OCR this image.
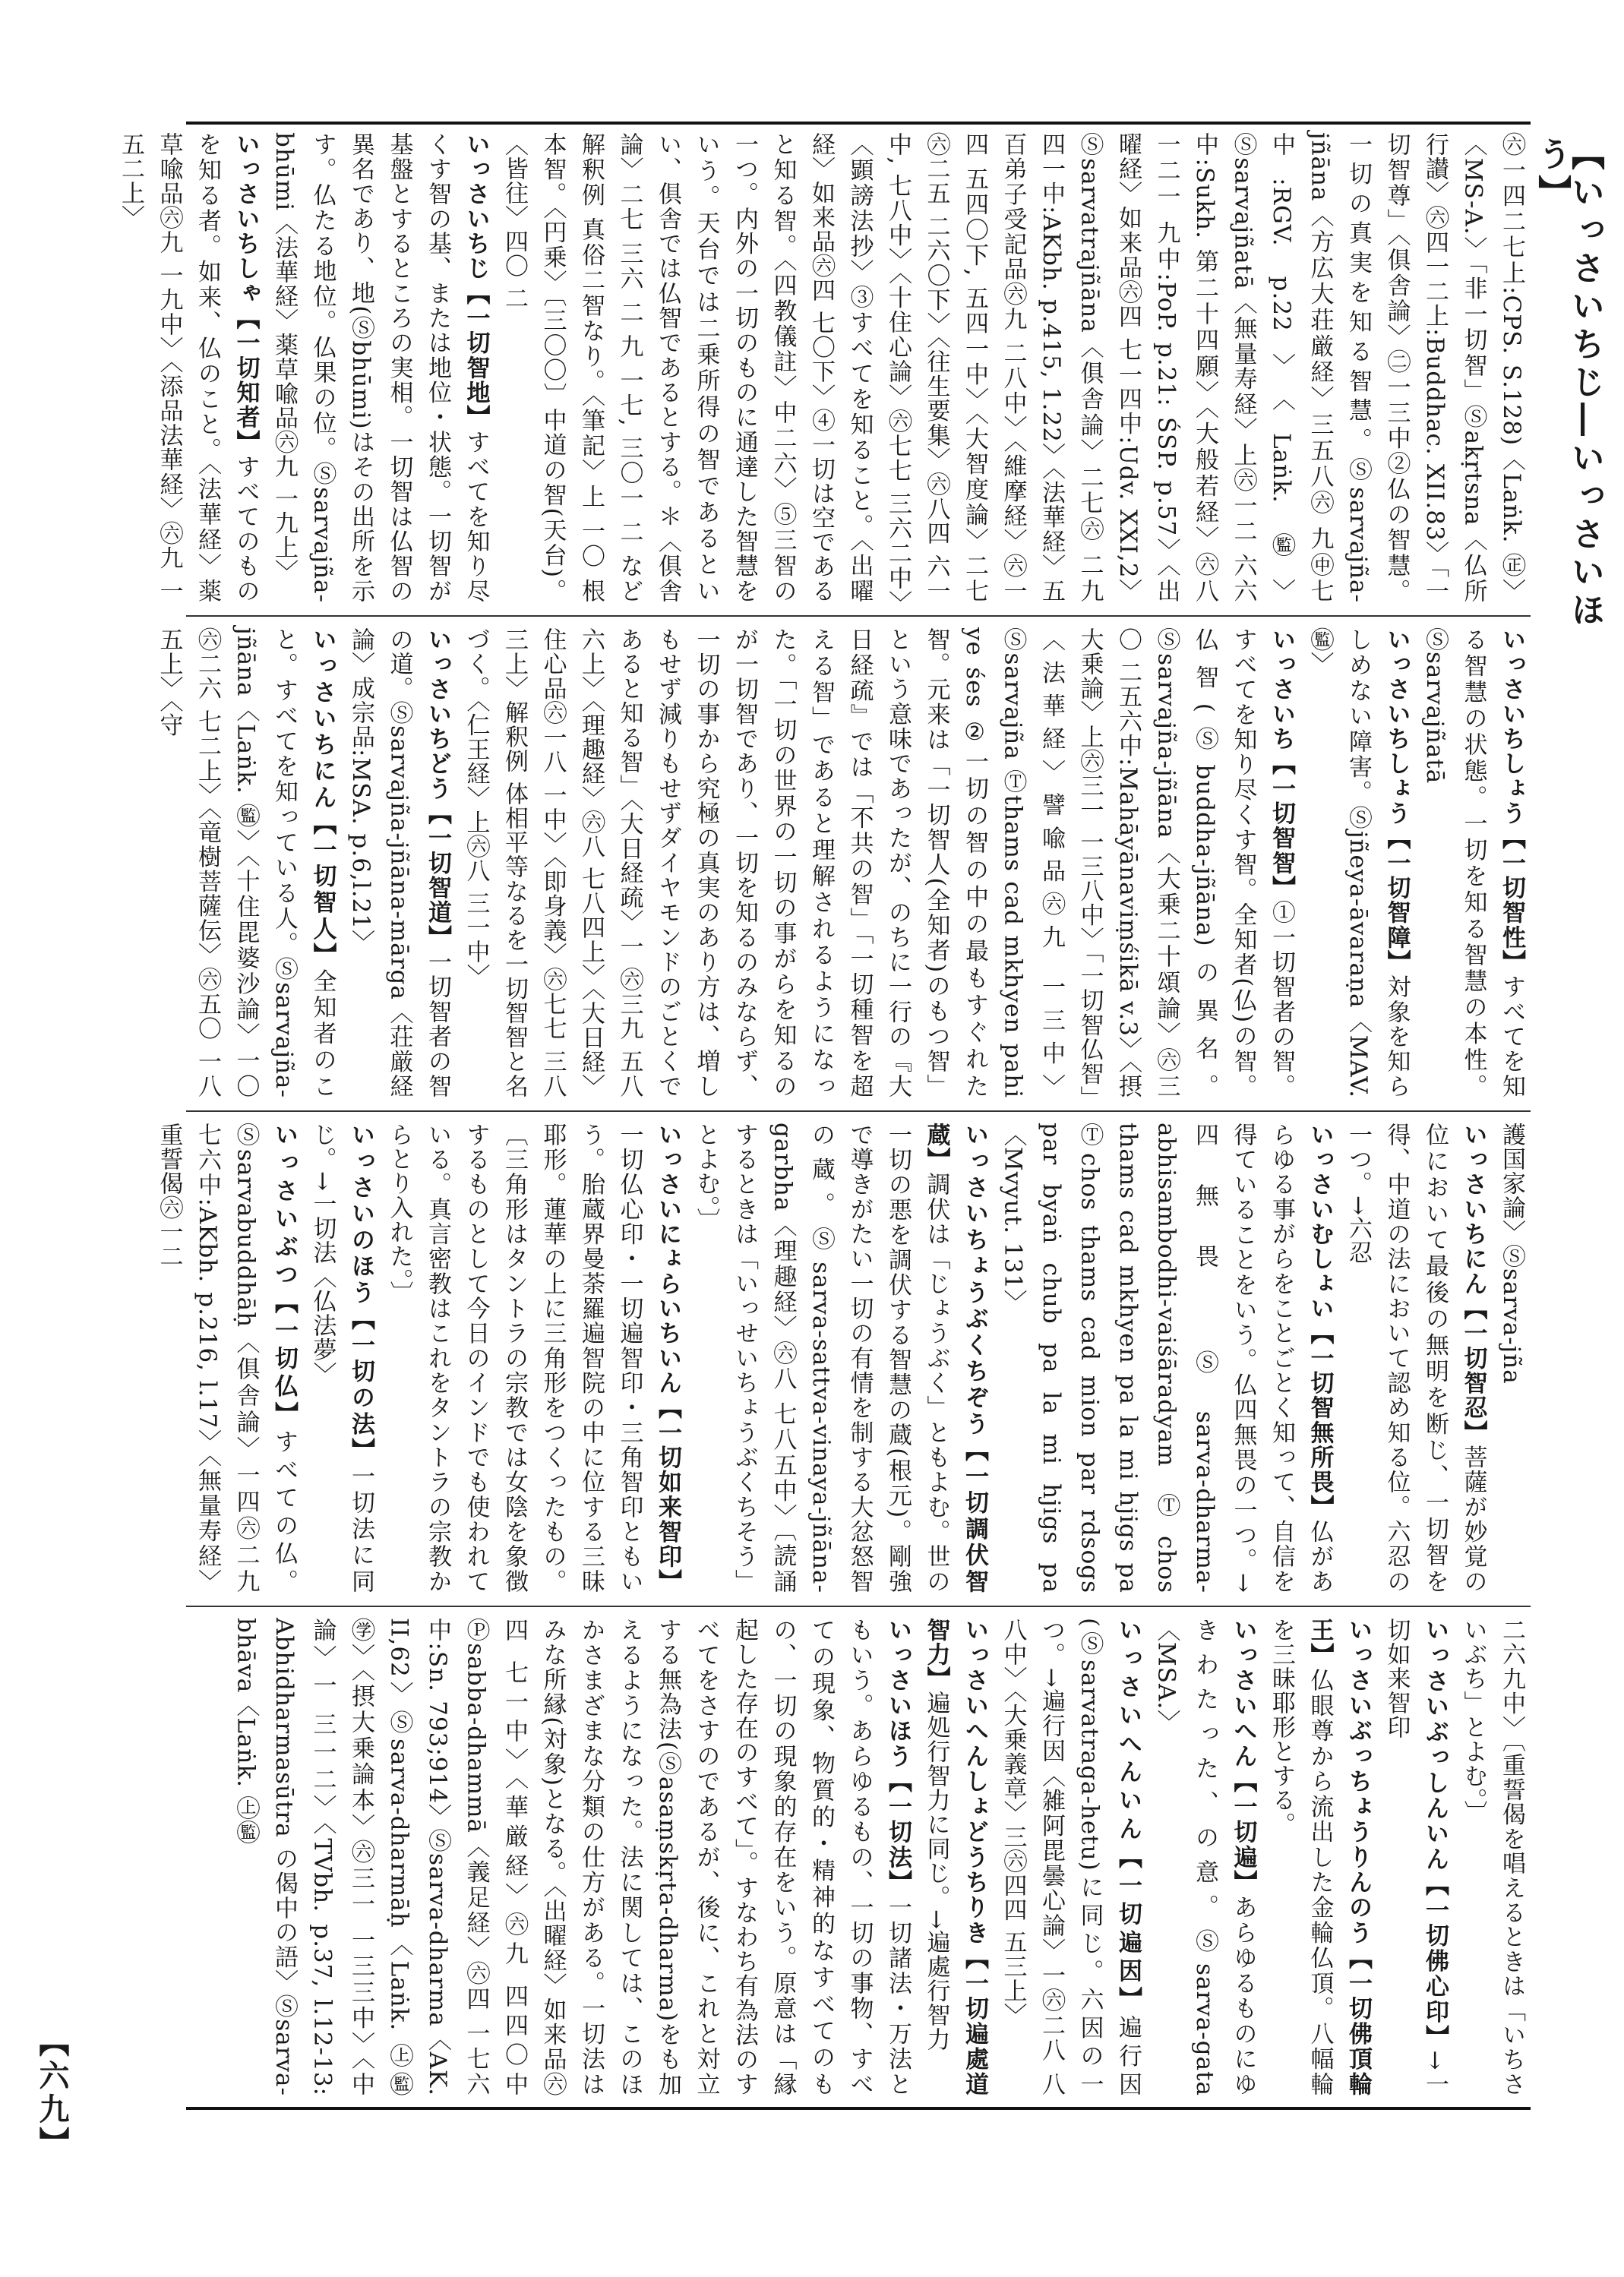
【いっさいちじ―いっさいほう】
㊅一四二七上:CPS. S.128)〈Laṅk. ㊣〉〈MS-A.〉「非一切智」Ⓢakṛtsna〈仏所行讃〉㊅四一二上:Buddhac. XII.83〉「一切智尊」〈俱舎論〉㊁一三中②仏の智慧。一切の真実を知る智慧。Ⓢsarvajña-jñāna〈方広大荘厳経〉三五八㊅ 九㊥七中:RGV. p.22〉〈Laṅk. ㊬〉Ⓢsarvajñatā〈無量寿経〉上㊅一二 六六中:Sukh. 第二十四願〉〈大般若経〉㊅八 一二一 九中:PoP. p.21: ŚSP. p.57〉〈出曜経〉如来品㊅四 七一四中:Udv. XXI,2〉Ⓢsarvatrajñāna〈俱舎論〉二七㊅ 二九 四一中:AKbh. p.415, 1.22〉〈法華経〉五百弟子受記品㊅九 二八中〉〈維摩経〉㊅一四 五四〇下, 五四一中〉〈大智度論〉二七㊅二五 二六〇下〉〈往生要集〉㊅八四 六一中, 七八中〉〈十住心論〉㊅七七 三六二中〉〈顕謗法抄〉③すべてを知ること。〈出曜経〉如来品㊅四 七〇下〉④一切は空であると知る智。〈四教儀註〉中二六〉⑤三智の一つ。内外の一切のものに通達した智慧をいう。天台では二乗所得の智であるといい、俱舎では仏智であるとする。＊〈俱舎論〉二七 三六 二 九 一七, 三〇一 二 など 解釈例 真俗二智なり。〈筆記〉上 一〇 根本智。〈円乗〉〔三〇〇〕中道の智(天台)。〈皆往〉四〇 二
いっさいちじ【一切智地】すべてを知り尽くす智の基、または地位・状態。一切智が基盤とするところの実相。一切智は仏智の異名であり、地(Ⓢbhūmi)はその出所を示す。仏たる地位。仏果の位。Ⓢsarvajña-bhūmi〈法華経〉薬草喩品㊅九 一九上〉
いっさいちしゃ【一切知者】すべてのものを知る者。如来、仏のこと。〈法華経〉薬草喩品㊅九 一九中〉〈添品法華経〉㊅九 一五二上〉
いっさいちしょう【一切智性】すべてを知る智慧の状態。一切を知る智慧の本性。Ⓢsarvajñatā
いっさいちしょう【一切智障】対象を知らしめない障害。Ⓢjñeya-āvaraṇa〈MAV. ㊬〉
いっさいち【一切智智】①一切智者の智。すべてを知り尽くす智。全知者(仏)の智。仏智(Ⓢbuddha-jñāna)の異名。Ⓢsarvajña-jñāna〈大乗二十頌論〉㊅三〇 二五六中:Mahāyānaviṃśikā v.3〉〈摂大乗論〉上㊅三一 一三八中〉「一切智仏智」〈法華経〉譬喩品㊅九 一三中〉Ⓢsarvajña Ⓣthams cad mkhyen pahi ye śes ②一切の智の中の最もすぐれた智。元来は「一切智人(全知者)のもつ智」という意味であったが、のちに一行の『大日経疏』では「不共の智」「一切種智を超える智」であると理解されるようになった。「一切の世界の一切の事がらを知るのが一切智であり、一切を知るのみならず、一切の事から究極の真実のあり方は、増しもせず減りもせずダイヤモンドのごとくであると知る智」〈大日経疏〉一 ㊅三九 五八六上〉〈理趣経〉㊅八 七八四上〉〈大日経〉住心品㊅一八 一中〉〈即身義〉㊅七七 三八三上〉解釈例 体相平等なるを一切智智と名づく。〈仁王経〉上㊅八 三一中〉
いっさいちどう【一切智道】一切智者の智の道。Ⓢsarvajña-jñāna-mārga〈荘厳経論〉成宗品:MSA. p.6,l.21〉
いっさいちにん【一切智人】全知者のこと。すべてを知っている人。Ⓢsarvajña-jñāna〈Laṅk. ㊬〉〈十住毘婆沙論〉一〇㊅二六 七二上〉〈竜樹菩薩伝〉㊅五〇 一八五上〉〈守
護国家論〉Ⓢsarva-jña
いっさいちにん【一切智忍】菩薩が妙覚の位において最後の無明を断じ、一切智を得、中道の法において認め知る位。六忍の一つ。→六忍
いっさいむしょい【一切智無所畏】仏があらゆる事がらをことごとく知って、自信を得ていることをいう。仏四無畏の一つ。→四無畏 Ⓢsarva-dharma-abhisambodhi-vaiśāradyam Ⓣchos thams cad mkhyen pa la mi hjigs pa Ⓣchos thams cad mion par rdsogs par byaṅ chub pa la mi hjigs pa〈Mvyut. 131〉
いっさいちょうぶくちぞう【一切調伏智蔵】調伏は「じょうぶく」ともよむ。世の一切の悪を調伏する智慧の蔵(根元)。剛強で導きがたい一切の有情を制する大忿怒智の蔵。Ⓢsarva-sattva-vinaya-jñāna-garbha〈理趣経〉㊅八 七八五中〉〔読誦するときは「いっせいちょうぶくちそう」とよむ。〕
いっさいにょらいちいん【一切如来智印】一切仏心印・一切遍智印・三角智印ともいう。胎蔵界曼荼羅遍智院の中に位する三昧耶形。蓮華の上に三角形をつくったもの。〔三角形はタントラの宗教では女陰を象徴するものとして今日のインドでも使われている。真言密教はこれをタントラの宗教からとり入れた。〕
いっさいのほう【一切の法】一切法に同じ。→一切法〈仏法夢〉
いっさいぶつ【一切仏】すべての仏。Ⓢsarvabuddhāḥ〈俱舎論〉一四㊅二九 七六中:AKbh. p.216, l.17〉〈無量寿経〉重誓偈㊅一二
二六九中〉〔重誓偈を唱えるときは「いちさいぶち」とよむ。〕
いっさいぶっしんいん【一切佛心印】→一切如来智印
いっさいぶっちょうりんのう【一切佛頂輪王】仏眼尊から流出した金輪仏頂。八幅輪を三昧耶形とする。
いっさいへん【一切遍】あらゆるものにゆきわたった、の意。Ⓢsarva-gata〈MSA.〉
いっさいへんいん【一切遍因】遍行因(Ⓢsarvatraga-hetu)に同じ。六因の一つ。→遍行因〈雑阿毘曇心論〉一㊅二八 八八中〉〈大乗義章〉三㊅四四 五三上〉
いっさいへんしょどうちりき【一切遍處道智力】遍処行智力に同じ。→遍處行智力
いっさいほう【一切法】一切諸法・万法ともいう。あらゆるもの、一切の事物、すべての現象、物質的・精神的なすべてのもの、一切の現象的存在をいう。原意は「縁起した存在のすべて」。すなわち有為法のすべてをさすのであるが、後に、これと対立する無為法(Ⓢasaṃskṛta-dharma)をも加えるようになった。法に関しては、このほかさまざまな分類の仕方がある。一切法はみな所縁(対象)となる。〈出曜経〉如来品㊅四 七一中〉〈華厳経〉㊅九 四四〇中Ⓟsabba-dhammā〈義足経〉㊅四 一七六中:Sn. 793;914〉Ⓢsarva-dharma〈AK. II,62〉Ⓢsarva-dharmāḥ〈Laṅk. ㊤㊬㊫〉〈摂大乗論本〉㊅三一 一三三中〉〈中論〉一 三一二〉〈TVbh. p.37, l.12-13: Abhidharmasūtra の偈中の語〉Ⓢsarva-bhāva〈Laṅk. ㊤㊬
【六九】
